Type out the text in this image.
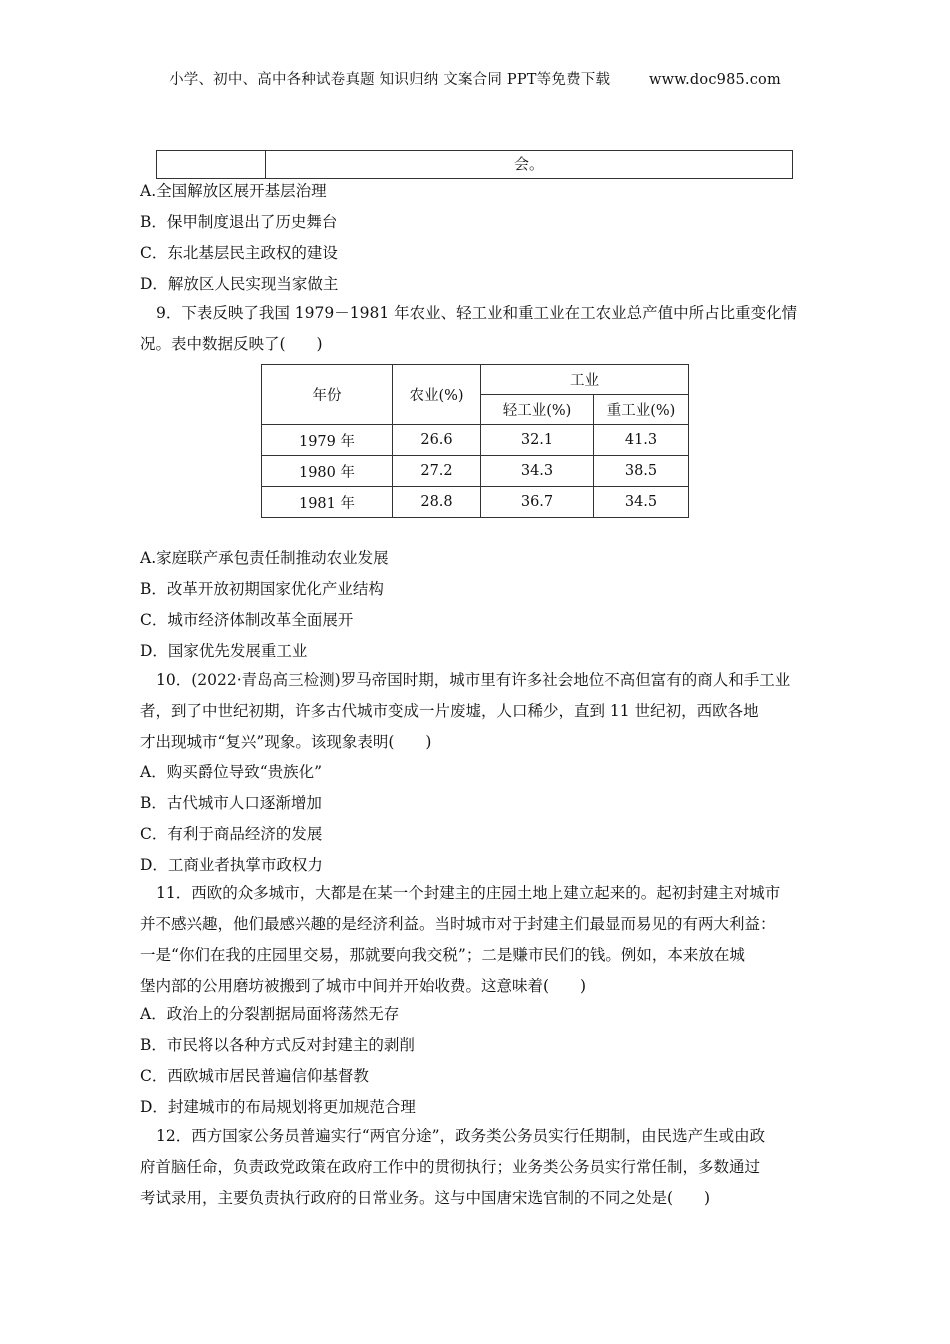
小学、初中、高中各种试卷真题 知识归纳 文案合同 PPT等免费下载	www.doc985.com
会。
A.全国解放区展开基层治理
B．保甲制度退出了历史舞台
C．东北基层民主政权的建设
D．解放区人民实现当家做主
9．下表反映了我国 1979－1981 年农业、轻工业和重工业在工农业总产值中所占比重变化情
况。表中数据反映了(　　)
年份	农业(%)	工业	
		轻工业(%)	重工业(%)
1979 年	26.6	32.1	41.3
1980 年	27.2	34.3	38.5
1981 年	28.8	36.7	34.5
A.家庭联产承包责任制推动农业发展
B．改革开放初期国家优化产业结构
C．城市经济体制改革全面展开
D．国家优先发展重工业
10．(2022·青岛高三检测)罗马帝国时期，城市里有许多社会地位不高但富有的商人和手工业
者，到了中世纪初期，许多古代城市变成一片废墟，人口稀少，直到 11 世纪初，西欧各地
才出现城市“复兴”现象。该现象表明(　　)
A．购买爵位导致“贵族化”
B．古代城市人口逐渐增加
C．有利于商品经济的发展
D．工商业者执掌市政权力
11．西欧的众多城市，大都是在某一个封建主的庄园土地上建立起来的。起初封建主对城市
并不感兴趣，他们最感兴趣的是经济利益。当时城市对于封建主们最显而易见的有两大利益：
一是“你们在我的庄园里交易，那就要向我交税”；二是赚市民们的钱。例如，本来放在城
堡内部的公用磨坊被搬到了城市中间并开始收费。这意味着(　　)
A．政治上的分裂割据局面将荡然无存
B．市民将以各种方式反对封建主的剥削
C．西欧城市居民普遍信仰基督教
D．封建城市的布局规划将更加规范合理
12．西方国家公务员普遍实行“两官分途”，政务类公务员实行任期制，由民选产生或由政
府首脑任命，负责政党政策在政府工作中的贯彻执行；业务类公务员实行常任制，多数通过
考试录用，主要负责执行政府的日常业务。这与中国唐宋选官制的不同之处是(　　)
